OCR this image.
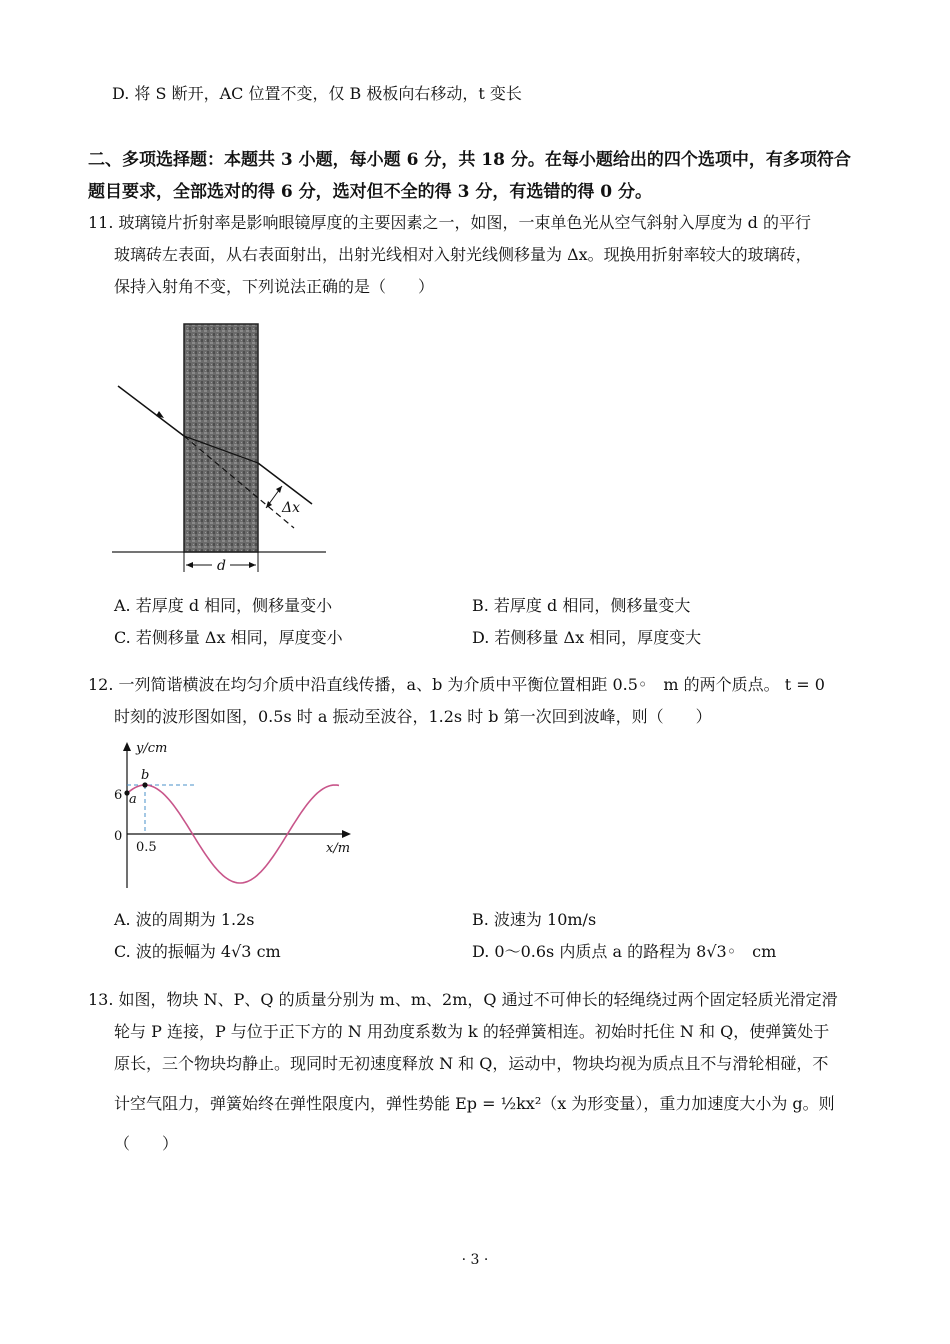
D. 将 S 断开，AC 位置不变，仅 B 极板向右移动，t 变长
二、多项选择题：本题共 3 小题，每小题 6 分，共 18 分。在每小题给出的四个选项中，有多项符合
题目要求，全部选对的得 6 分，选对但不全的得 3 分，有选错的得 0 分。
11. 玻璃镜片折射率是影响眼镜厚度的主要因素之一，如图，一束单色光从空气斜射入厚度为 d 的平行
玻璃砖左表面，从右表面射出，出射光线相对入射光线侧移量为 Δx。现换用折射率较大的玻璃砖，
保持入射角不变，下列说法正确的是（　　）
Δx
d
A. 若厚度 d 相同，侧移量变小	B. 若厚度 d 相同，侧移量变大
C. 若侧移量 Δx 相同，厚度变小	D. 若侧移量 Δx 相同，厚度变大
12. 一列简谐横波在均匀介质中沿直线传播，a、b 为介质中平衡位置相距 0.5◦　m 的两个质点。 t = 0
时刻的波形图如图，0.5s 时 a 振动至波谷，1.2s 时 b 第一次回到波峰，则（　　）
y/cm
x/m
0
6
0.5
a
b
A. 波的周期为 1.2s	B. 波速为 10m/s
C. 波的振幅为 4√3 cm	D. 0～0.6s 内质点 a 的路程为 8√3◦　cm
13. 如图，物块 N、P、Q 的质量分别为 m、m、2m，Q 通过不可伸长的轻绳绕过两个固定轻质光滑定滑
轮与 P 连接，P 与位于正下方的 N 用劲度系数为 k 的轻弹簧相连。初始时托住 N 和 Q，使弹簧处于
原长，三个物块均静止。现同时无初速度释放 N 和 Q，运动中，物块均视为质点且不与滑轮相碰，不
计空气阻力，弹簧始终在弹性限度内，弹性势能 Ep = ½kx²（x 为形变量），重力加速度大小为 g。则
（　　）
· 3 ·
